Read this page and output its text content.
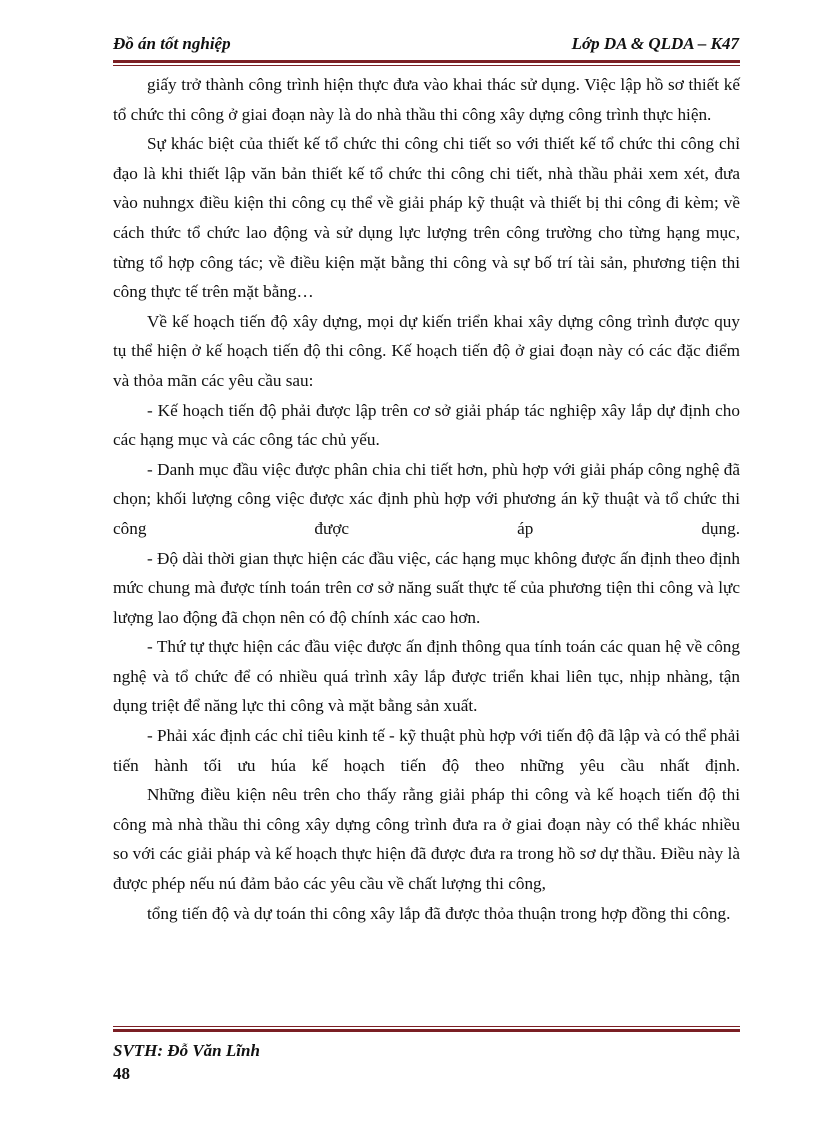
Đồ án tốt nghiệp	Lớp DA & QLDA – K47

giấy trở thành công trình hiện thực đưa vào khai thác sử dụng. Việc lập hồ sơ thiết kế tổ chức thi công ở giai đoạn này là do nhà thầu thi công xây dựng công trình thực hiện.

Sự khác biệt của thiết kế tổ chức thi công chi tiết so với thiết kế tổ chức thi công chỉ đạo là khi thiết lập văn bản thiết kế tổ chức thi công chi tiết, nhà thầu phải xem xét, đưa vào nuhngx điều kiện thi công cụ thể về giải pháp kỹ thuật và thiết bị thi công đi kèm; về cách thức tổ chức lao động và sử dụng lực lượng trên công trường cho từng hạng mục, từng tổ hợp công tác; về điều kiện mặt bằng thi công và sự bố trí tài sản, phương tiện thi công thực tế trên mặt bằng…

Về kế hoạch tiến độ xây dựng, mọi dự kiến triển khai xây dựng công trình được quy tụ thể hiện ở kế hoạch tiến độ thi công. Kế hoạch tiến độ ở giai đoạn này có các đặc điểm và thỏa mãn các yêu cầu sau:

- Kế hoạch tiến độ phải được lập trên cơ sở giải pháp tác nghiệp xây lắp dự định cho các hạng mục và các công tác chủ yếu.

- Danh mục đầu việc được phân chia chi tiết hơn, phù hợp với giải pháp công nghệ đã chọn; khối lượng công việc được xác định phù hợp với phương án kỹ thuật và tổ chức thi công được áp dụng.

- Độ dài thời gian thực hiện các đầu việc, các hạng mục không được ấn định theo định mức chung mà được tính toán trên cơ sở năng suất thực tế của phương tiện thi công và lực lượng lao động đã chọn nên có độ chính xác cao hơn.

- Thứ tự thực hiện các đầu việc được ấn định thông qua tính toán các quan hệ về công nghệ và tổ chức để có nhiều quá trình xây lắp được triển khai liên tục, nhịp nhàng, tận dụng triệt để năng lực thi công và mặt bằng sản xuất.

- Phải xác định các chỉ tiêu kinh tế - kỹ thuật phù hợp với tiến độ đã lập và có thể phải tiến hành tối ưu húa kế hoạch tiến độ theo những yêu cầu nhất định.

Những điều kiện nêu trên cho thấy rằng giải pháp thi công và kế hoạch tiến độ thi công mà nhà thầu thi công xây dựng công trình đưa ra ở giai đoạn này có thể khác nhiều so với các giải pháp và kế hoạch thực hiện đã được đưa ra trong hồ sơ dự thầu. Điều này là được phép nếu nú đảm bảo các yêu cầu về chất lượng thi công,

tổng tiến độ và dự toán thi công xây lắp đã được thỏa thuận trong hợp đồng thi công.

SVTH: Đỗ Văn Lĩnh
48
